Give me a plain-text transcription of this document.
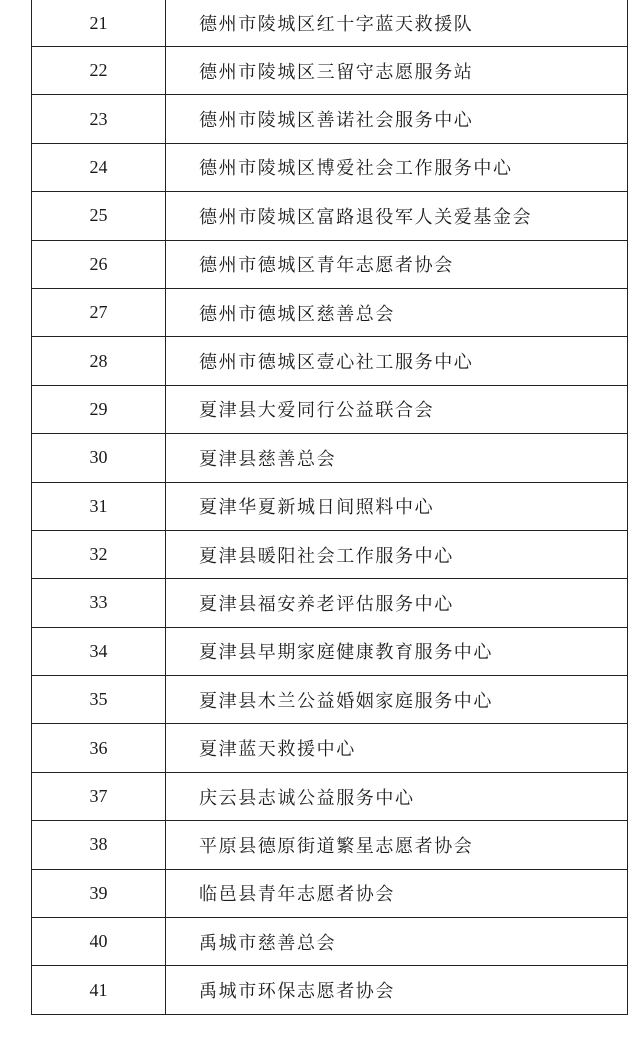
21	德州市陵城区红十字蓝天救援队
22	德州市陵城区三留守志愿服务站
23	德州市陵城区善诺社会服务中心
24	德州市陵城区博爱社会工作服务中心
25	德州市陵城区富路退役军人关爱基金会
26	德州市德城区青年志愿者协会
27	德州市德城区慈善总会
28	德州市德城区壹心社工服务中心
29	夏津县大爱同行公益联合会
30	夏津县慈善总会
31	夏津华夏新城日间照料中心
32	夏津县暖阳社会工作服务中心
33	夏津县福安养老评估服务中心
34	夏津县早期家庭健康教育服务中心
35	夏津县木兰公益婚姻家庭服务中心
36	夏津蓝天救援中心
37	庆云县志诚公益服务中心
38	平原县德原街道繁星志愿者协会
39	临邑县青年志愿者协会
40	禹城市慈善总会
41	禹城市环保志愿者协会
